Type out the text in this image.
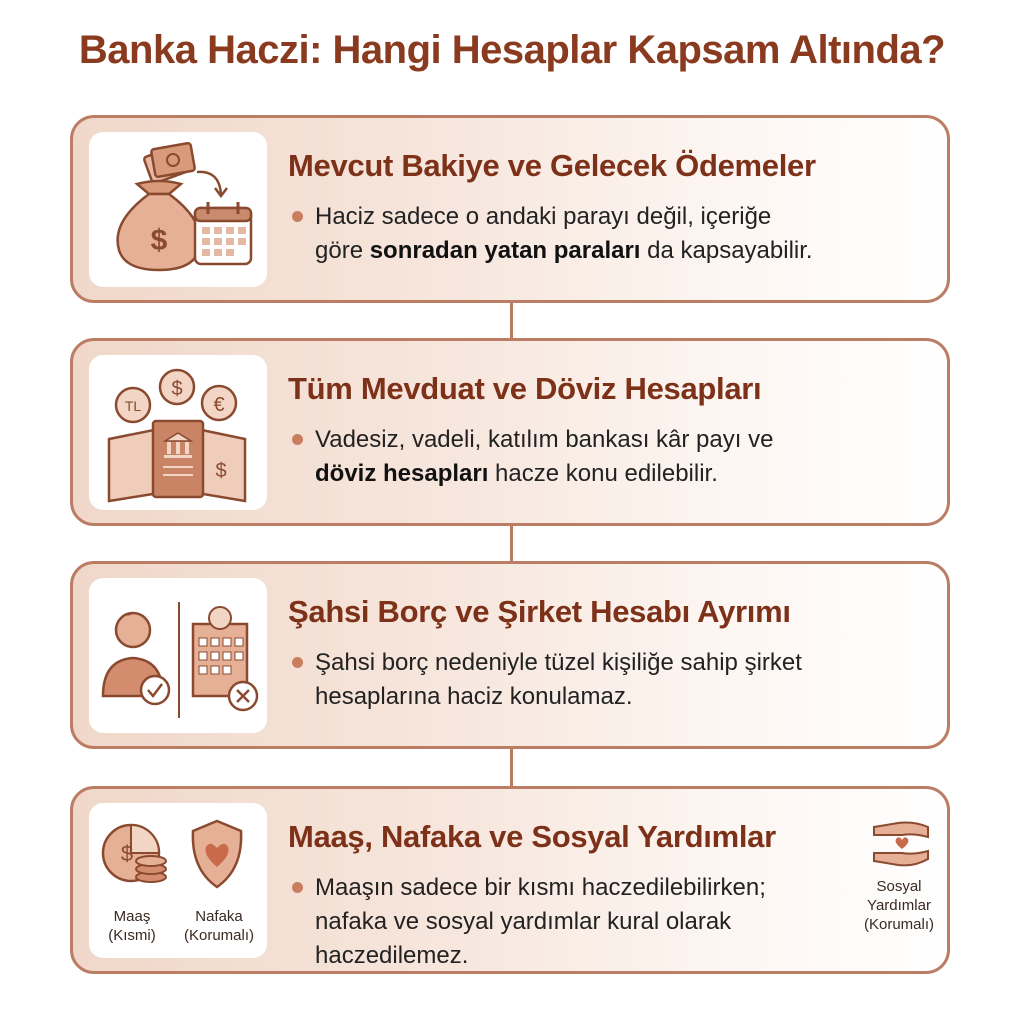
Banka Haczi: Hangi Hesaplar Kapsam Altında?
$
Mevcut Bakiye ve Gelecek Ödemeler
Haciz sadece o andaki parayı değil, içeriğe
göre sonradan yatan paraları da kapsayabilir.
TL
$
€
$
Tüm Mevduat ve Döviz Hesapları
Vadesiz, vadeli, katılım bankası kâr payı ve
döviz hesapları hacze konu edilebilir.
Şahsi Borç ve Şirket Hesabı Ayrımı
Şahsi borç nedeniyle tüzel kişiliğe sahip şirket
hesaplarına haciz konulamaz.
$
Maaş
(Kısmi)
Nafaka
(Korumalı)
Maaş, Nafaka ve Sosyal Yardımlar
Maaşın sadece bir kısmı haczedilebilirken;
nafaka ve sosyal yardımlar kural olarak
haczedilemez.
Sosyal
Yardımlar
(Korumalı)
